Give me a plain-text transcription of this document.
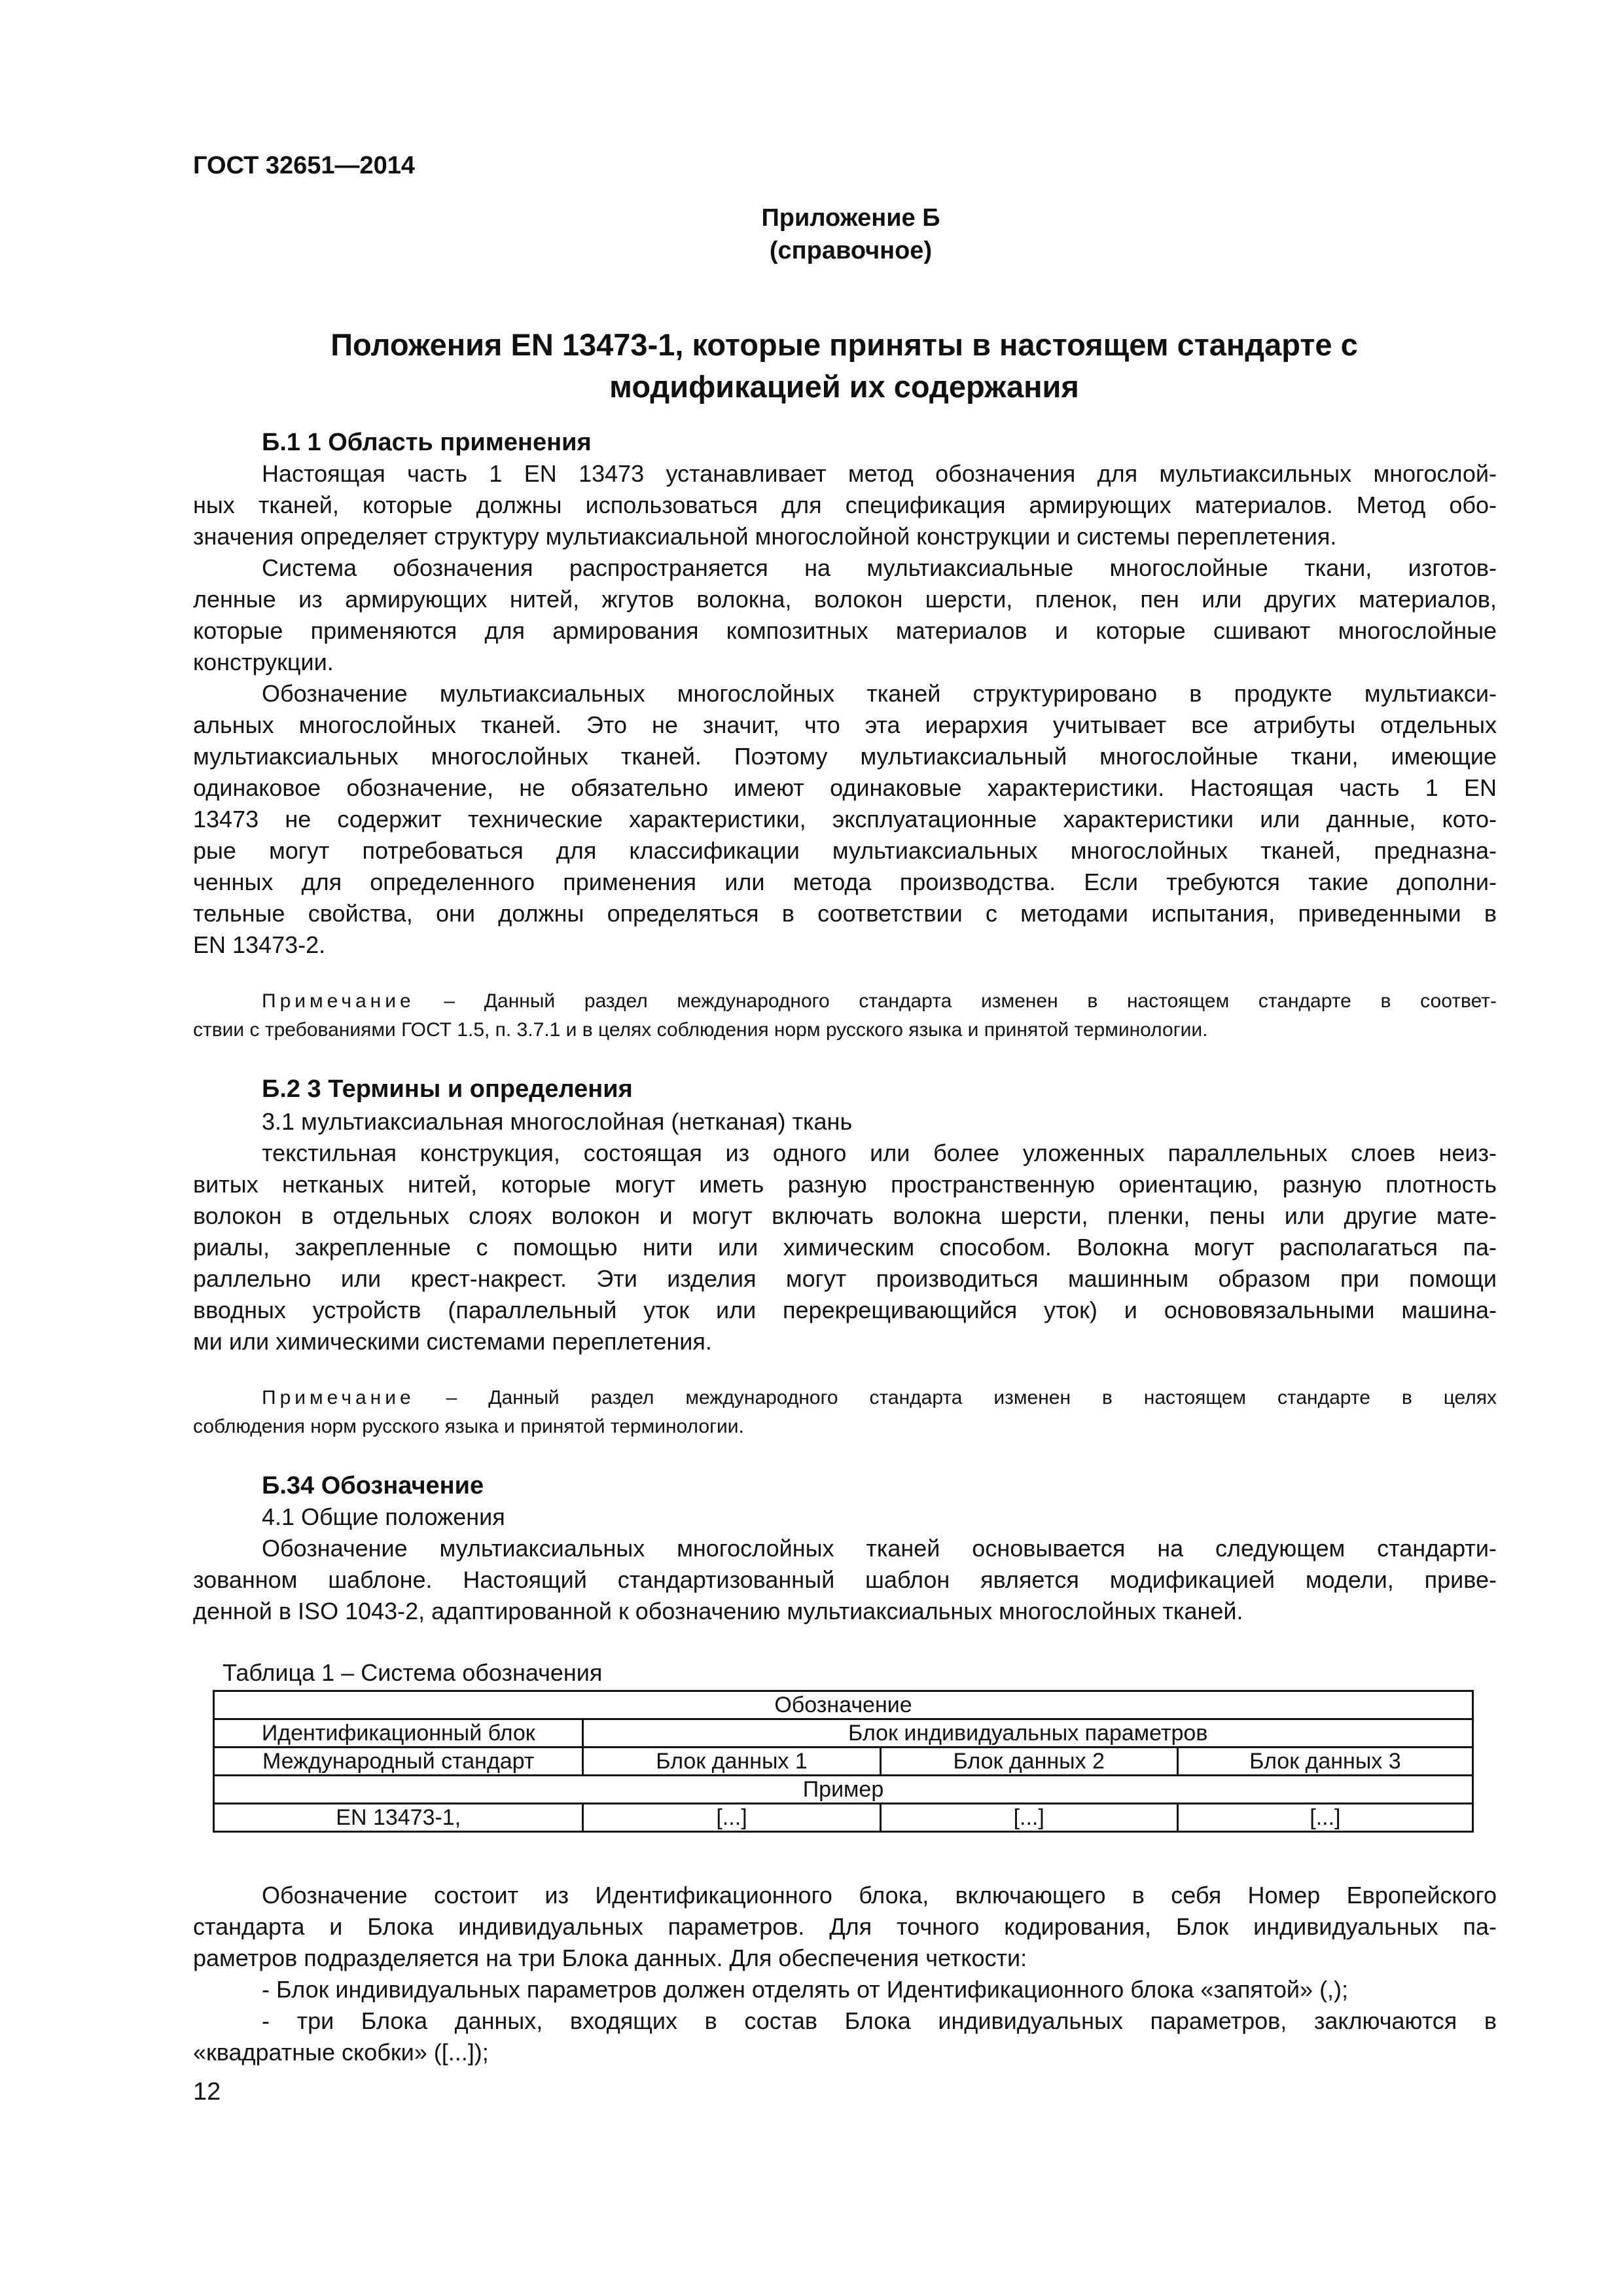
ГОСТ 32651—2014
Приложение Б
(справочное)
Положения EN 13473-1, которые приняты в настоящем стандарте с
модификацией их содержания
Б.1 1 Область применения
Настоящая часть 1 EN 13473 устанавливает метод обозначения для мультиаксильных многослой-
ных тканей, которые должны использоваться для спецификация армирующих материалов. Метод обо-
значения определяет структуру мультиаксиальной многослойной конструкции и системы переплетения.
Система обозначения распространяется на мультиаксиальные многослойные ткани, изготов-
ленные из армирующих нитей, жгутов волокна, волокон шерсти, пленок, пен или других материалов,
которые применяются для армирования композитных материалов и которые сшивают многослойные
конструкции.
Обозначение мультиаксиальных многослойных тканей структурировано в продукте мультиакси-
альных многослойных тканей. Это не значит, что эта иерархия учитывает все атрибуты отдельных
мультиаксиальных многослойных тканей. Поэтому мультиаксиальный многослойные ткани, имеющие
одинаковое обозначение, не обязательно имеют одинаковые характеристики. Настоящая часть 1 EN
13473 не содержит технические характеристики, эксплуатационные характеристики или данные, кото-
рые могут потребоваться для классификации мультиаксиальных многослойных тканей, предназна-
ченных для определенного применения или метода производства. Если требуются такие дополни-
тельные свойства, они должны определяться в соответствии с методами испытания, приведенными в
EN 13473-2.
Примечание – Данный раздел международного стандарта изменен в настоящем стандарте в соответ-
ствии с требованиями ГОСТ 1.5, п. 3.7.1 и в целях соблюдения норм русского языка и принятой терминологии.
Б.2 3 Термины и определения
3.1 мультиаксиальная многослойная (нетканая) ткань
текстильная конструкция, состоящая из одного или более уложенных параллельных слоев неиз-
витых нетканых нитей, которые могут иметь разную пространственную ориентацию, разную плотность
волокон в отдельных слоях волокон и могут включать волокна шерсти, пленки, пены или другие мате-
риалы, закрепленные с помощью нити или химическим способом. Волокна могут располагаться па-
раллельно или крест-накрест. Эти изделия могут производиться машинным образом при помощи
вводных устройств (параллельный уток или перекрещивающийся уток) и основовязальными машина-
ми или химическими системами переплетения.
Примечание – Данный раздел международного стандарта изменен в настоящем стандарте в целях
соблюдения норм русского языка и принятой терминологии.
Б.34 Обозначение
4.1 Общие положения
Обозначение мультиаксиальных многослойных тканей основывается на следующем стандарти-
зованном шаблоне. Настоящий стандартизованный шаблон является модификацией модели, приве-
денной в ISO 1043-2, адаптированной к обозначению мультиаксиальных многослойных тканей.
Таблица 1 – Система обозначения
Обозначение			
Идентификационный блок	Блок индивидуальных параметров		
Международный стандарт	Блок данных 1	Блок данных 2	Блок данных 3
Пример			
EN 13473-1,	[...]	[...]	[...]
Обозначение состоит из Идентификационного блока, включающего в себя Номер Европейского
стандарта и Блока индивидуальных параметров. Для точного кодирования, Блок индивидуальных па-
раметров подразделяется на три Блока данных. Для обеспечения четкости:
- Блок индивидуальных параметров должен отделять от Идентификационного блока «запятой» (,);
- три Блока данных, входящих в состав Блока индивидуальных параметров, заключаются в
«квадратные скобки» ([...]);
12
